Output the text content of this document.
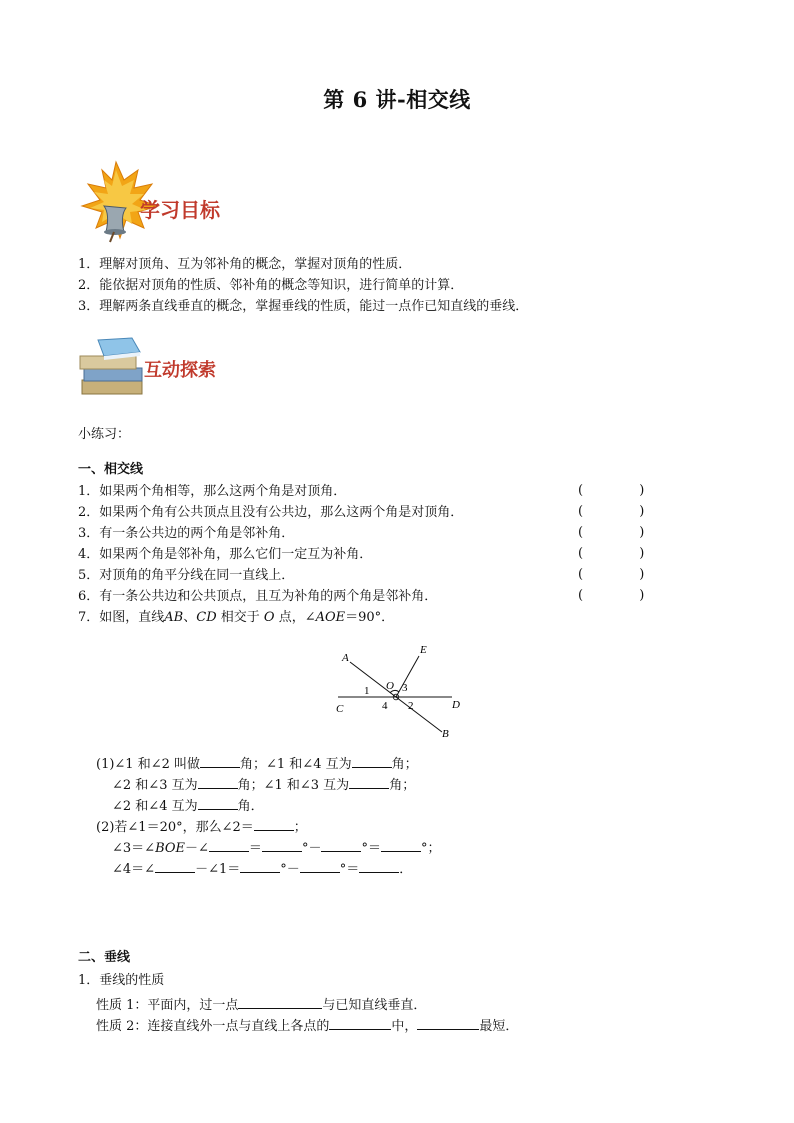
第 6 讲-相交线
学习目标
1．理解对顶角、互为邻补角的概念，掌握对顶角的性质．
2．能依据对顶角的性质、邻补角的概念等知识，进行简单的计算．
3．理解两条直线垂直的概念，掌握垂线的性质，能过一点作已知直线的垂线．
互动探索
小练习：
一、相交线
1．如果两个角相等，那么这两个角是对顶角．	( )
2．如果两个角有公共顶点且没有公共边，那么这两个角是对顶角．	( )
3．有一条公共边的两个角是邻补角．	( )
4．如果两个角是邻补角，那么它们一定互为补角．	( )
5．对顶角的角平分线在同一直线上．	( )
6．有一条公共边和公共顶点，且互为补角的两个角是邻补角．	( )
7．如图，直线AB、CD 相交于 O 点，∠AOE＝90°．
A
E
O
C	D
B
1	3
4 2
(1)∠1 和∠2 叫做	角；∠1 和∠4 互为	角；
∠2 和∠3 互为	角；∠1 和∠3 互为	角；
∠2 和∠4 互为	角．
(2)若∠1＝20°，那么∠2＝	；
∠3＝∠BOE－∠	＝	°－	°＝	°；
∠4＝∠	－∠1＝	°－	°＝	．
二、垂线
1．垂线的性质
性质 1：平面内，过一点	与已知直线垂直．
性质 2：连接直线外一点与直线上各点的	中，	最短．
